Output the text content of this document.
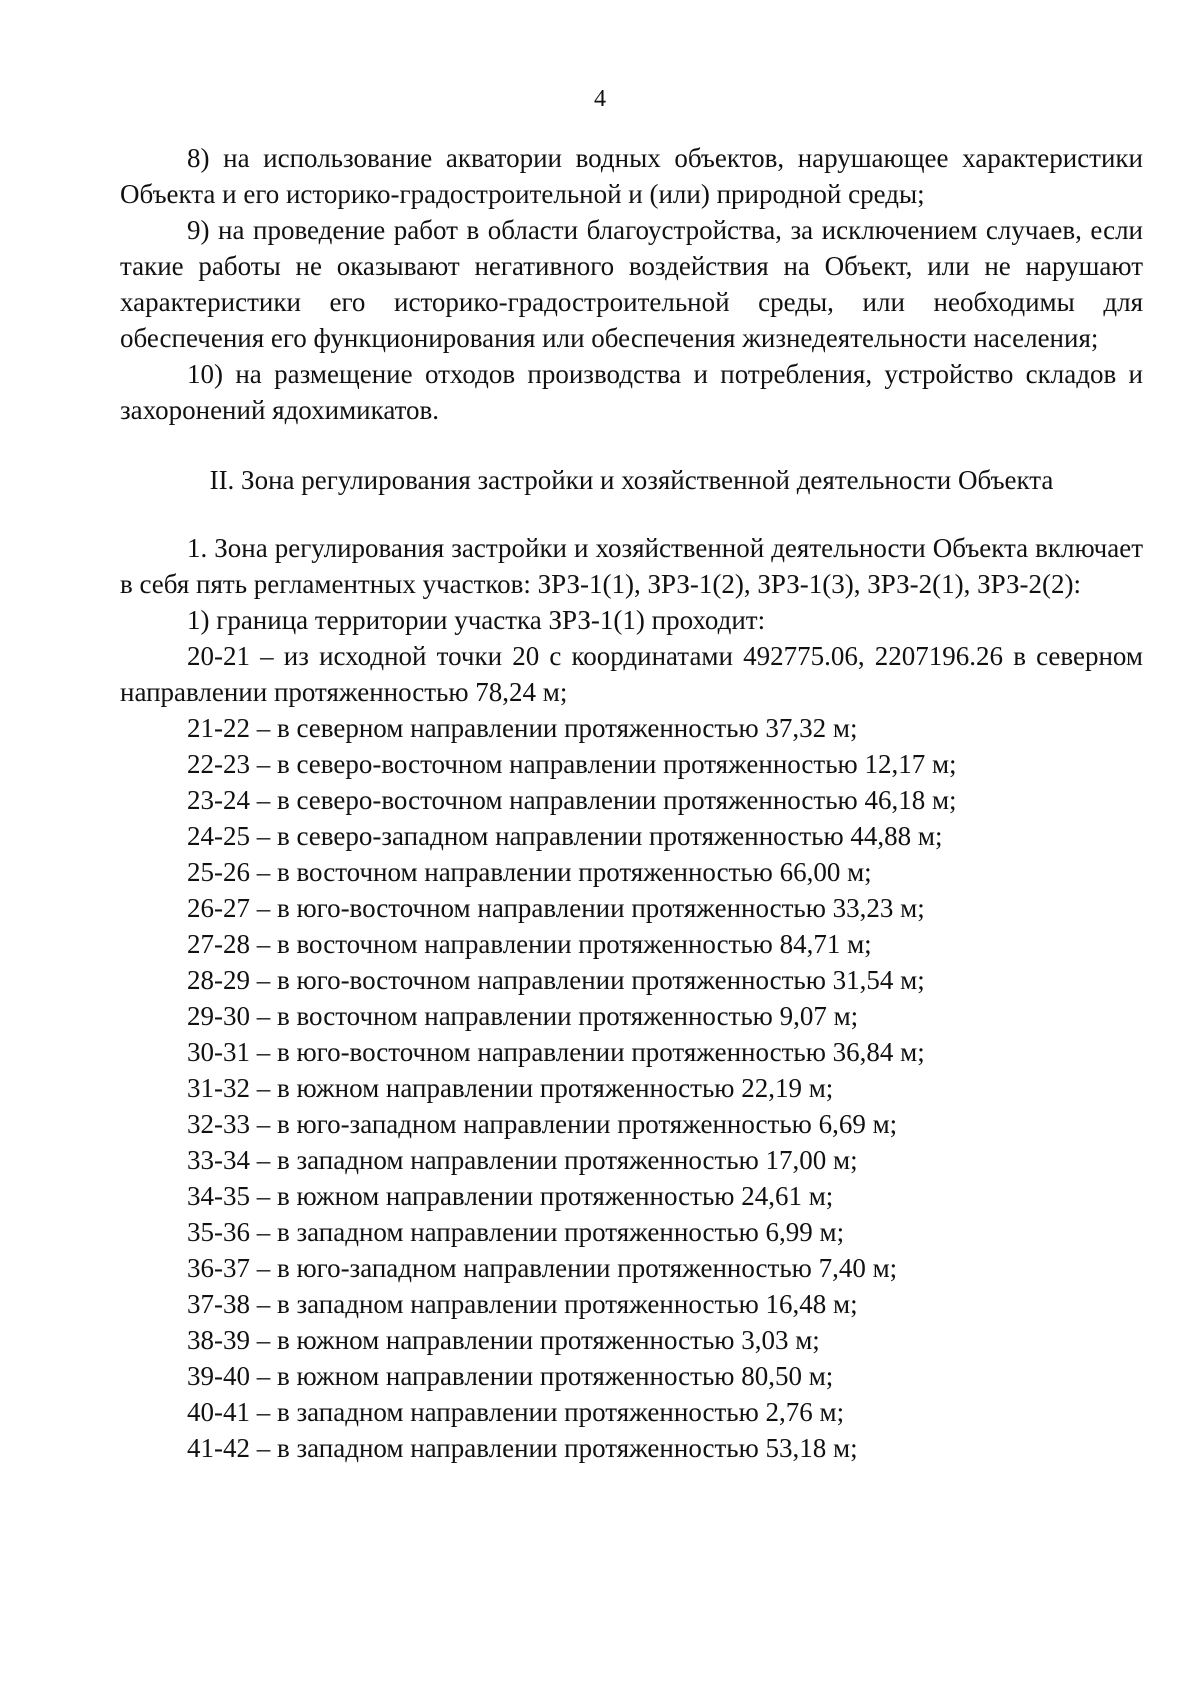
4

8) на использование акватории водных объектов, нарушающее характеристики Объекта и его историко-градостроительной и (или) природной среды;

9) на проведение работ в области благоустройства, за исключением случаев, если такие работы не оказывают негативного воздействия на Объект, или не нарушают характеристики его историко-градостроительной среды, или необходимы для обеспечения его функционирования или обеспечения жизнедеятельности населения;

10) на размещение отходов производства и потребления, устройство складов и захоронений ядохимикатов.

II. Зона регулирования застройки и хозяйственной деятельности Объекта

1. Зона регулирования застройки и хозяйственной деятельности Объекта включает в себя пять регламентных участков: ЗРЗ-1(1), ЗРЗ-1(2), ЗРЗ-1(3), ЗРЗ-2(1), ЗРЗ-2(2):

1) граница территории участка ЗРЗ-1(1) проходит:

20-21 – из исходной точки 20 с координатами 492775.06, 2207196.26 в северном направлении протяженностью 78,24 м;

21-22 – в северном направлении протяженностью 37,32 м;

22-23 – в северо-восточном направлении протяженностью 12,17 м;

23-24 – в северо-восточном направлении протяженностью 46,18 м;

24-25 – в северо-западном направлении протяженностью 44,88 м;

25-26 – в восточном направлении протяженностью 66,00 м;

26-27 – в юго-восточном направлении протяженностью 33,23 м;

27-28 – в восточном направлении протяженностью 84,71 м;

28-29 – в юго-восточном направлении протяженностью 31,54 м;

29-30 – в восточном направлении протяженностью 9,07 м;

30-31 – в юго-восточном направлении протяженностью 36,84 м;

31-32 – в южном направлении протяженностью 22,19 м;

32-33 – в юго-западном направлении протяженностью 6,69 м;

33-34 – в западном направлении протяженностью 17,00 м;

34-35 – в южном направлении протяженностью 24,61 м;

35-36 – в западном направлении протяженностью 6,99 м;

36-37 – в юго-западном направлении протяженностью 7,40 м;

37-38 – в западном направлении протяженностью 16,48 м;

38-39 – в южном направлении протяженностью 3,03 м;

39-40 – в южном направлении протяженностью 80,50 м;

40-41 – в западном направлении протяженностью 2,76 м;

41-42 – в западном направлении протяженностью 53,18 м;
